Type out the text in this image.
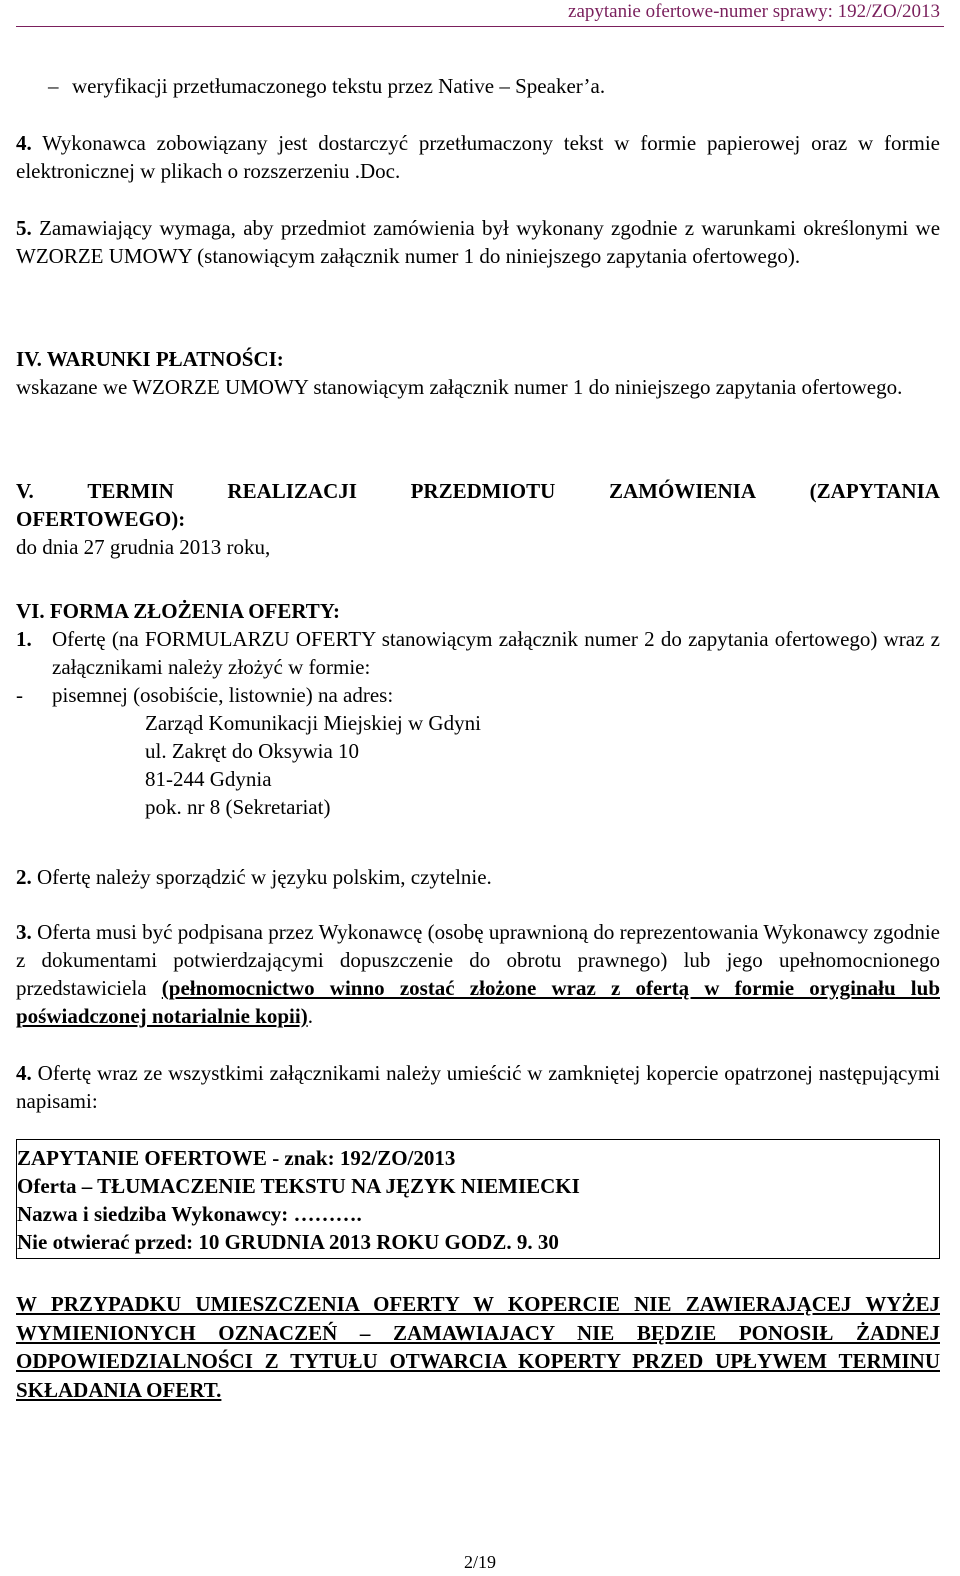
zapytanie ofertowe-numer sprawy: 192/ZO/2013
– weryfikacji przetłumaczonego tekstu przez Native – Speaker’a.
4. Wykonawca zobowiązany jest dostarczyć przetłumaczony tekst w formie papierowej oraz w formie elektronicznej w plikach o rozszerzeniu .Doc.
5. Zamawiający wymaga, aby przedmiot zamówienia był wykonany zgodnie z warunkami określonymi we WZORZE UMOWY (stanowiącym załącznik numer 1 do niniejszego zapytania ofertowego).
IV. WARUNKI PŁATNOŚCI:
wskazane we WZORZE UMOWY stanowiącym załącznik numer 1 do niniejszego zapytania ofertowego.
V.	TERMIN	REALIZACJI	PRZEDMIOTU	ZAMÓWIENIA	(ZAPYTANIA
OFERTOWEGO):
do dnia 27 grudnia 2013 roku,
VI. FORMA ZŁOŻENIA OFERTY:
1. Ofertę (na FORMULARZU OFERTY stanowiącym załącznik numer 2 do zapytania ofertowego) wraz z załącznikami należy złożyć w formie:
-	pisemnej (osobiście, listownie) na adres:
Zarząd Komunikacji Miejskiej w Gdyni
ul. Zakręt do Oksywia 10
81-244 Gdynia
pok. nr 8 (Sekretariat)
2. Ofertę należy sporządzić w języku polskim, czytelnie.
3. Oferta musi być podpisana przez Wykonawcę (osobę uprawnioną do reprezentowania Wykonawcy zgodnie z dokumentami potwierdzającymi dopuszczenie do obrotu prawnego) lub jego upełnomocnionego przedstawiciela (pełnomocnictwo winno zostać złożone wraz z ofertą w formie oryginału lub poświadczonej notarialnie kopii).
4. Ofertę wraz ze wszystkimi załącznikami należy umieścić w zamkniętej kopercie opatrzonej następującymi napisami:
ZAPYTANIE OFERTOWE - znak: 192/ZO/2013
Oferta – TŁUMACZENIE TEKSTU NA JĘZYK NIEMIECKI
Nazwa i siedziba Wykonawcy: ……….
Nie otwierać przed: 10 GRUDNIA 2013 ROKU GODZ. 9. 30
W PRZYPADKU UMIESZCZENIA OFERTY W KOPERCIE NIE ZAWIERAJĄCEJ WYŻEJ WYMIENIONYCH OZNACZEŃ – ZAMAWIAJACY NIE BĘDZIE PONOSIŁ ŻADNEJ ODPOWIEDZIALNOŚCI Z TYTUŁU OTWARCIA KOPERTY PRZED UPŁYWEM TERMINU SKŁADANIA OFERT.
2/19
